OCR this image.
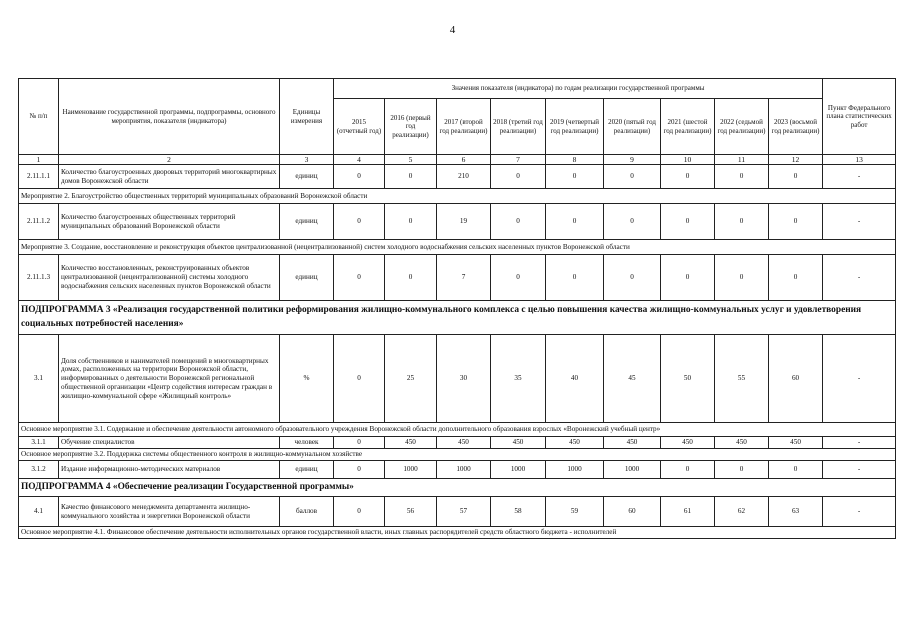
4
№ п/п	Наименование государственной программы, подпрограммы, основного мероприятия, показателя (индикатора)	Единицы измерения	Значения показателя (индикатора) по годам реализации государственной программы									Пункт Федерального плана статистических работ
			2015 (отчетный год)	2016 (первый год реализации)	2017 (второй год реализации)	2018 (третий год реализации)	2019 (четвертый год реализации)	2020 (пятый год реализации)	2021 (шестой год реализации)	2022 (седьмой год реализации)	2023 (восьмой год реализации)	
1	2	3	4	5	6	7	8	9	10	11	12	13
2.11.1.1	Количество благоустроенных дворовых территорий многоквартирных домов Воронежской области	единиц	0	0	210	0	0	0	0	0	0	-
Мероприятие 2. Благоустройство общественных территорий муниципальных образований Воронежской области												
2.11.1.2	Количество благоустроенных общественных территорий муниципальных образований Воронежской области	единиц	0	0	19	0	0	0	0	0	0	-
Мероприятие 3. Создание, восстановление и реконструкция объектов централизованной (нецентрализованной) систем холодного водоснабжения сельских населенных пунктов Воронежской области												
2.11.1.3	Количество восстановленных, реконструированных объектов централизованной (нецентрализованной) системы холодного водоснабжения сельских населенных пунктов Воронежской области	единиц	0	0	7	0	0	0	0	0	0	-
ПОДПРОГРАММА 3 «Реализация государственной политики реформирования жилищно-коммунального комплекса с целью повышения качества жилищно-коммунальных услуг и удовлетворения социальных потребностей населения»												
3.1	Доля собственников и нанимателей помещений в многоквартирных домах, расположенных на территории Воронежской области, информированных о деятельности Воронежской региональной общественной организации «Центр содействия интересам граждан в жилищно-коммунальной сфере «Жилищный контроль»	%	0	25	30	35	40	45	50	55	60	-
Основное мероприятие 3.1. Содержание и обеспечение деятельности автономного образовательного учреждения Воронежской области дополнительного образования взрослых «Воронежский учебный центр»												
3.1.1	Обучение специалистов	человек	0	450	450	450	450	450	450	450	450	-
Основное мероприятие 3.2. Поддержка системы общественного контроля в жилищно-коммунальном хозяйстве												
3.1.2	Издание информационно-методических материалов	единиц	0	1000	1000	1000	1000	1000	0	0	0	-
ПОДПРОГРАММА 4 «Обеспечение реализации Государственной программы»												
4.1	Качество финансового менеджмента департамента жилищно-коммунального хозяйства и энергетики Воронежской области	баллов	0	56	57	58	59	60	61	62	63	-
Основное мероприятие 4.1. Финансовое обеспечение деятельности исполнительных органов государственной власти, иных главных распорядителей средств областного бюджета - исполнителей												
